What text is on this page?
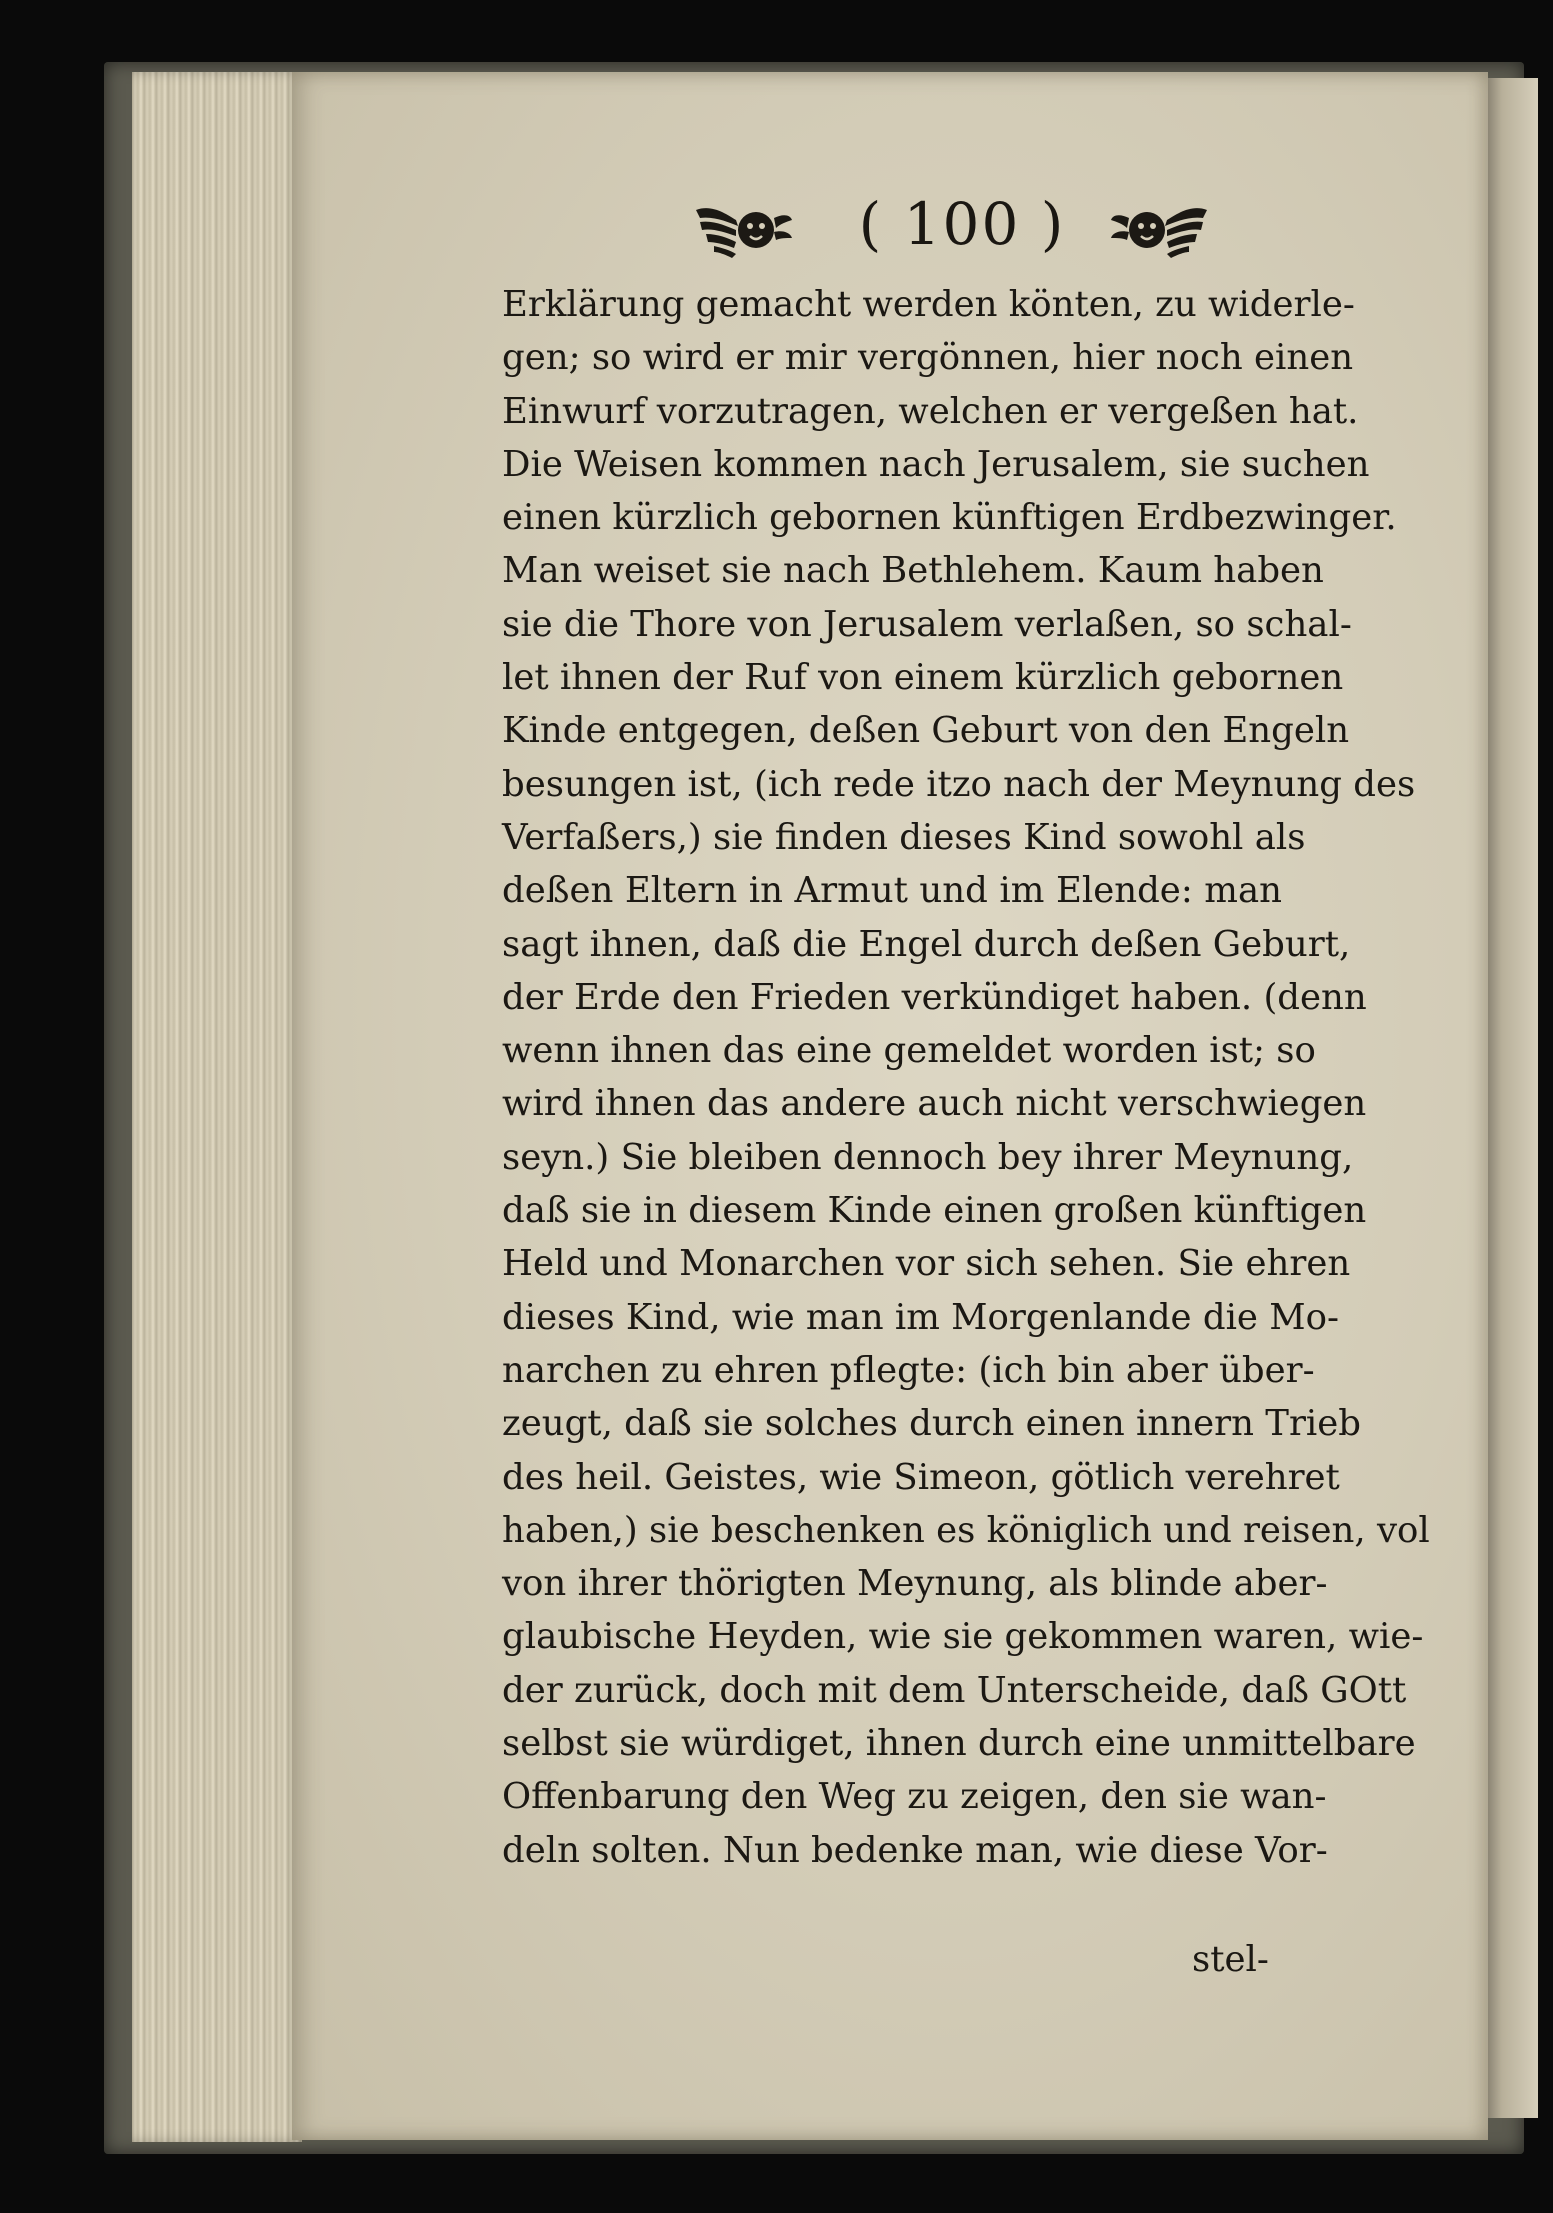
( 100 )
Erklärung gemacht werden könten, zu widerle‑
gen; so wird er mir vergönnen, hier noch einen
Einwurf vorzutragen, welchen er vergeßen hat.
Die Weisen kommen nach Jerusalem, sie suchen
einen kürzlich gebornen künftigen Erdbezwinger.
Man weiset sie nach Bethlehem. Kaum haben
sie die Thore von Jerusalem verlaßen, so schal‑
let ihnen der Ruf von einem kürzlich gebornen
Kinde entgegen, deßen Geburt von den Engeln
besungen ist, (ich rede itzo nach der Meynung des
Verfaßers,) sie finden dieses Kind sowohl als
deßen Eltern in Armut und im Elende: man
sagt ihnen, daß die Engel durch deßen Geburt,
der Erde den Frieden verkündiget haben. (denn
wenn ihnen das eine gemeldet worden ist; so
wird ihnen das andere auch nicht verschwiegen
seyn.) Sie bleiben dennoch bey ihrer Meynung,
daß sie in diesem Kinde einen großen künftigen
Held und Monarchen vor sich sehen. Sie ehren
dieses Kind, wie man im Morgenlande die Mo‑
narchen zu ehren pflegte: (ich bin aber über‑
zeugt, daß sie solches durch einen innern Trieb
des heil. Geistes, wie Simeon, götlich verehret
haben,) sie beschenken es königlich und reisen, vol
von ihrer thörigten Meynung, als blinde aber‑
glaubische Heyden, wie sie gekommen waren, wie‑
der zurück, doch mit dem Unterscheide, daß GOtt
selbst sie würdiget, ihnen durch eine unmittelbare
Offenbarung den Weg zu zeigen, den sie wan‑
deln solten. Nun bedenke man, wie diese Vor‑
stel‑
